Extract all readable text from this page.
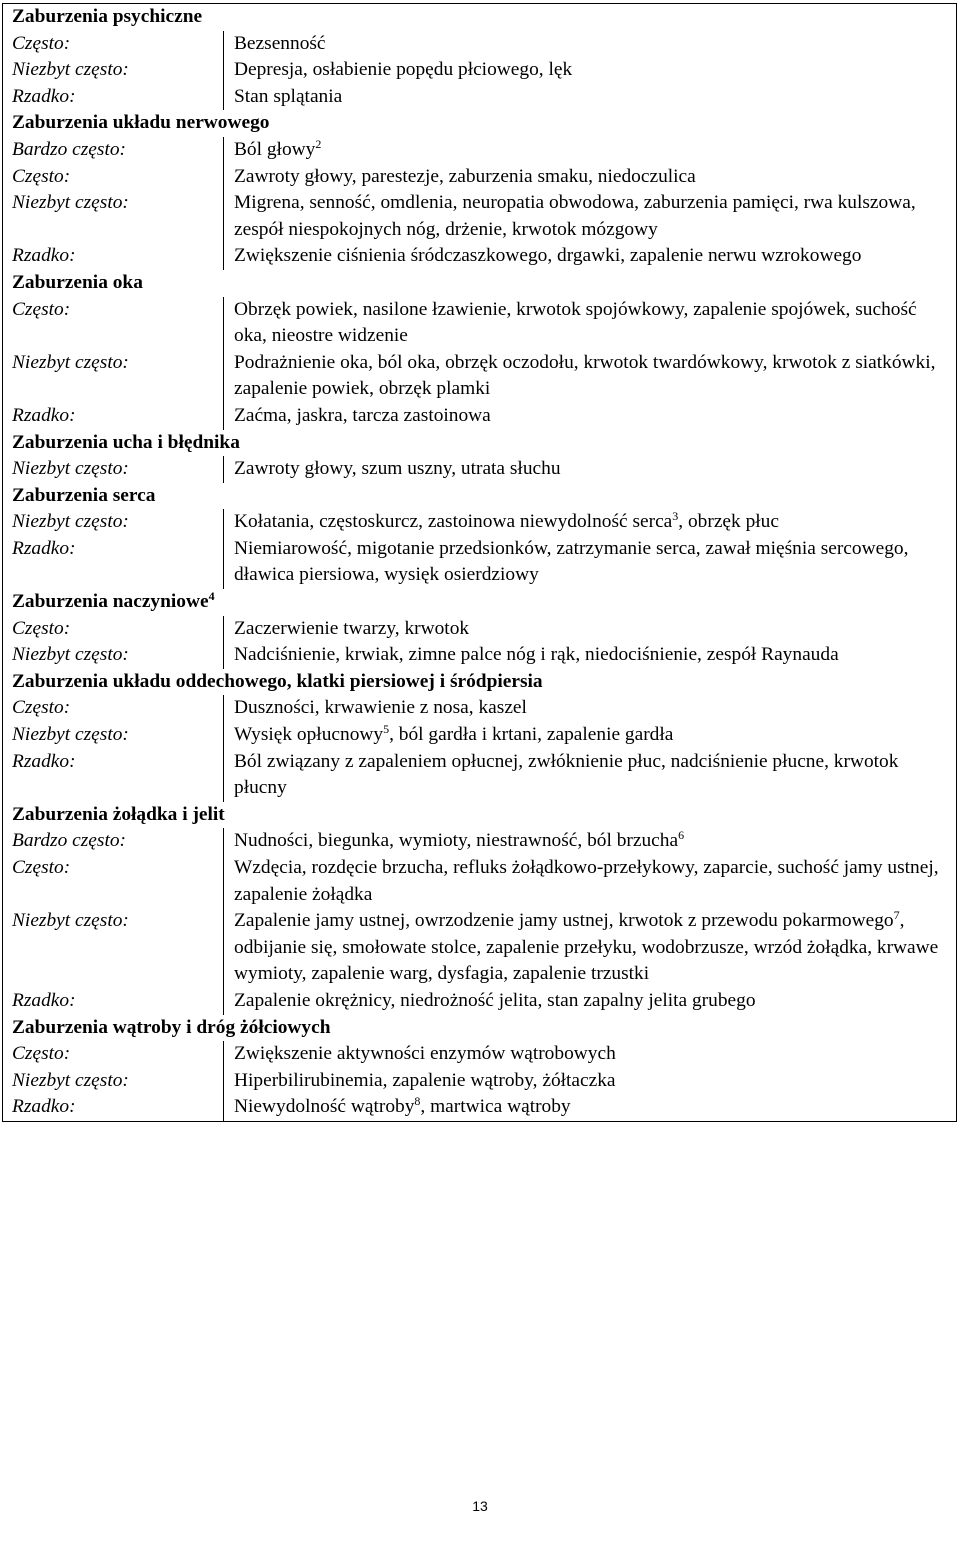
Zaburzenia psychiczne
Często:	Bezsenność
Niezbyt często:	Depresja, osłabienie popędu płciowego, lęk
Rzadko:	Stan splątania
Zaburzenia układu nerwowego
Bardzo często:	Ból głowy$^2$
Często:	Zawroty głowy, parestezje, zaburzenia smaku, niedoczulica
Niezbyt często:	Migrena, senność, omdlenia, neuropatia obwodowa, zaburzenia pamięci, rwa kulszowa, zespół niespokojnych nóg, drżenie, krwotok mózgowy
Rzadko:	Zwiększenie ciśnienia śródczaszkowego, drgawki, zapalenie nerwu wzrokowego
Zaburzenia oka
Często:	Obrzęk powiek, nasilone łzawienie, krwotok spojówkowy, zapalenie spojówek, suchość oka, nieostre widzenie
Niezbyt często:	Podrażnienie oka, ból oka, obrzęk oczodołu, krwotok twardówkowy, krwotok z siatkówki, zapalenie powiek, obrzęk plamki
Rzadko:	Zaćma, jaskra, tarcza zastoinowa
Zaburzenia ucha i błędnika
Niezbyt często:	Zawroty głowy, szum uszny, utrata słuchu
Zaburzenia serca
Niezbyt często:	Kołatania, częstoskurcz, zastoinowa niewydolność serca$^3$, obrzęk płuc
Rzadko:	Niemiarowość, migotanie przedsionków, zatrzymanie serca, zawał mięśnia sercowego, dławica piersiowa, wysięk osierdziowy
Zaburzenia naczyniowe$^4$
Często:	Zaczerwienie twarzy, krwotok
Niezbyt często:	Nadciśnienie, krwiak, zimne palce nóg i rąk, niedociśnienie, zespół Raynauda
Zaburzenia układu oddechowego, klatki piersiowej i śródpiersia
Często:	Duszności, krwawienie z nosa, kaszel
Niezbyt często:	Wysięk opłucnowy$^5$, ból gardła i krtani, zapalenie gardła
Rzadko:	Ból związany z zapaleniem opłucnej, zwłóknienie płuc, nadciśnienie płucne, krwotok płucny
Zaburzenia żołądka i jelit
Bardzo często:	Nudności, biegunka, wymioty, niestrawność, ból brzucha$^6$
Często:	Wzdęcia, rozdęcie brzucha, refluks żołądkowo-przełykowy, zaparcie, suchość jamy ustnej, zapalenie żołądka
Niezbyt często:	Zapalenie jamy ustnej, owrzodzenie jamy ustnej, krwotok z przewodu pokarmowego$^7$, odbijanie się, smołowate stolce, zapalenie przełyku, wodobrzusze, wrzód żołądka, krwawe wymioty, zapalenie warg, dysfagia, zapalenie trzustki
Rzadko:	Zapalenie okrężnicy, niedrożność jelita, stan zapalny jelita grubego
Zaburzenia wątroby i dróg żółciowych
Często:	Zwiększenie aktywności enzymów wątrobowych
Niezbyt często:	Hiperbilirubinemia, zapalenie wątroby, żółtaczka
Rzadko:	Niewydolność wątroby$^8$, martwica wątroby
13
